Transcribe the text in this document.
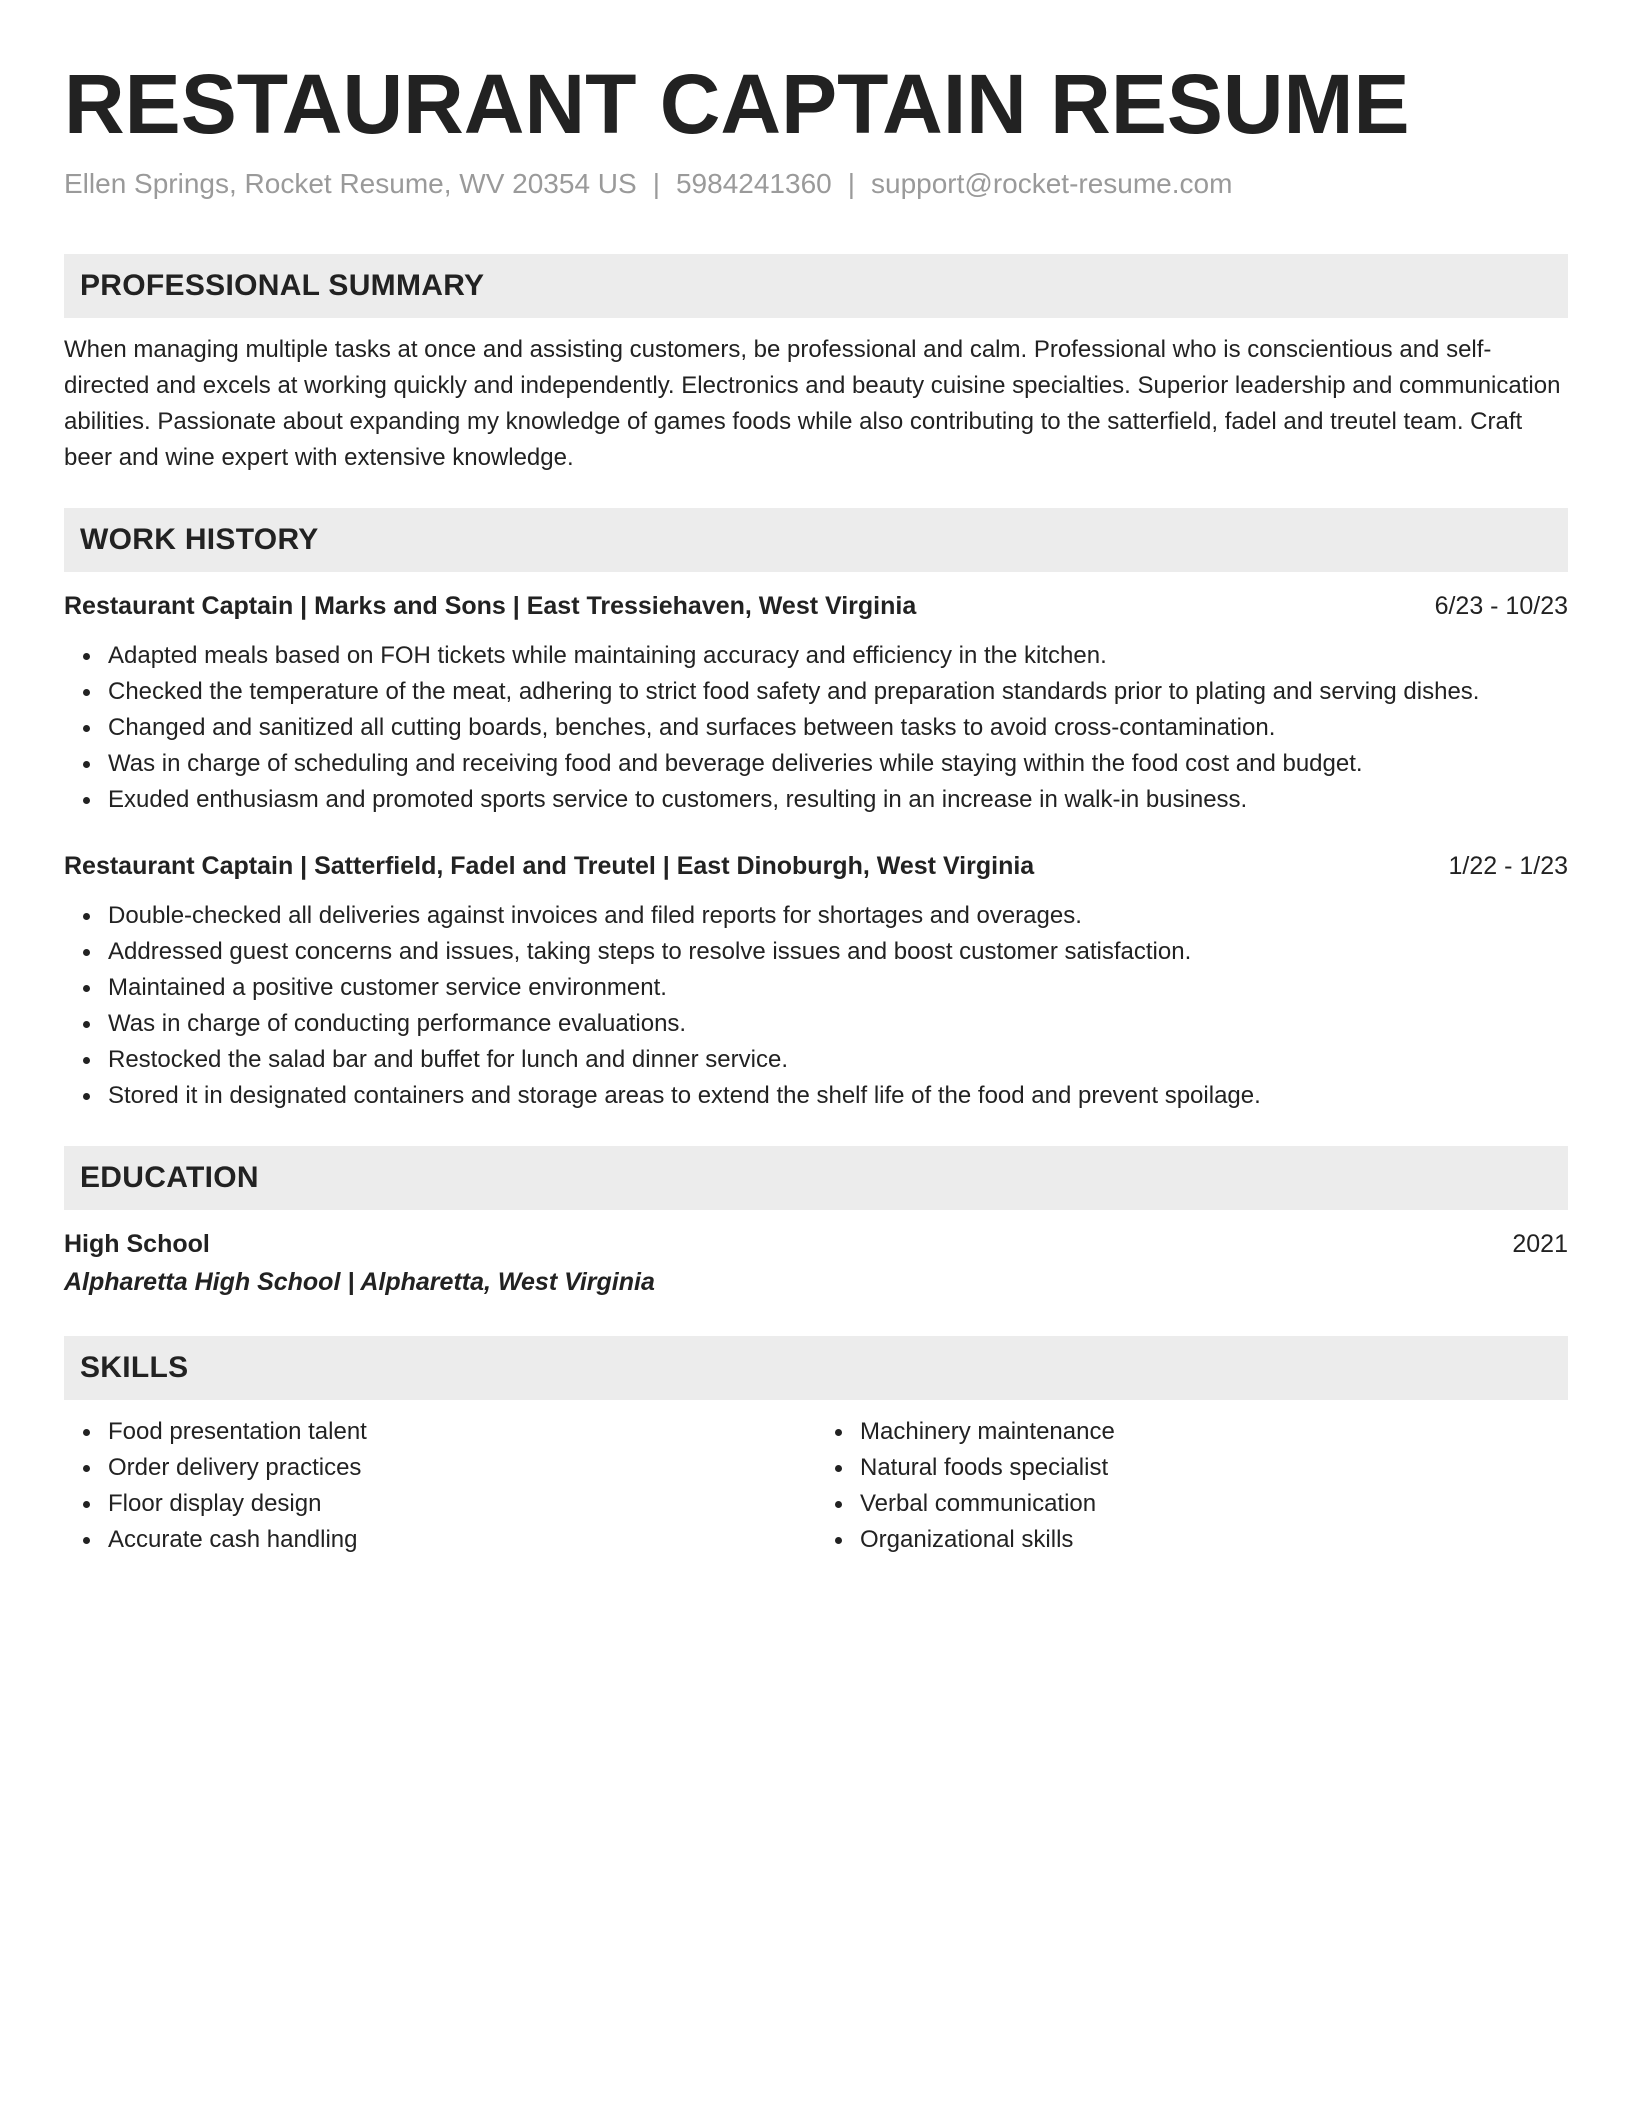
RESTAURANT CAPTAIN RESUME
Ellen Springs, Rocket Resume, WV 20354 US | 5984241360 | support@rocket-resume.com
PROFESSIONAL SUMMARY
When managing multiple tasks at once and assisting customers, be professional and calm. Professional who is conscientious and self-directed and excels at working quickly and independently. Electronics and beauty cuisine specialties. Superior leadership and communication abilities. Passionate about expanding my knowledge of games foods while also contributing to the satterfield, fadel and treutel team. Craft beer and wine expert with extensive knowledge.
WORK HISTORY
Restaurant Captain | Marks and Sons | East Tressiehaven, West Virginia	6/23 - 10/23
Adapted meals based on FOH tickets while maintaining accuracy and efficiency in the kitchen.
Checked the temperature of the meat, adhering to strict food safety and preparation standards prior to plating and serving dishes.
Changed and sanitized all cutting boards, benches, and surfaces between tasks to avoid cross-contamination.
Was in charge of scheduling and receiving food and beverage deliveries while staying within the food cost and budget.
Exuded enthusiasm and promoted sports service to customers, resulting in an increase in walk-in business.
Restaurant Captain | Satterfield, Fadel and Treutel | East Dinoburgh, West Virginia	1/22 - 1/23
Double-checked all deliveries against invoices and filed reports for shortages and overages.
Addressed guest concerns and issues, taking steps to resolve issues and boost customer satisfaction.
Maintained a positive customer service environment.
Was in charge of conducting performance evaluations.
Restocked the salad bar and buffet for lunch and dinner service.
Stored it in designated containers and storage areas to extend the shelf life of the food and prevent spoilage.
EDUCATION
High School	2021
Alpharetta High School | Alpharetta, West Virginia
SKILLS
Food presentation talent
Order delivery practices
Floor display design
Accurate cash handling
Machinery maintenance
Natural foods specialist
Verbal communication
Organizational skills
